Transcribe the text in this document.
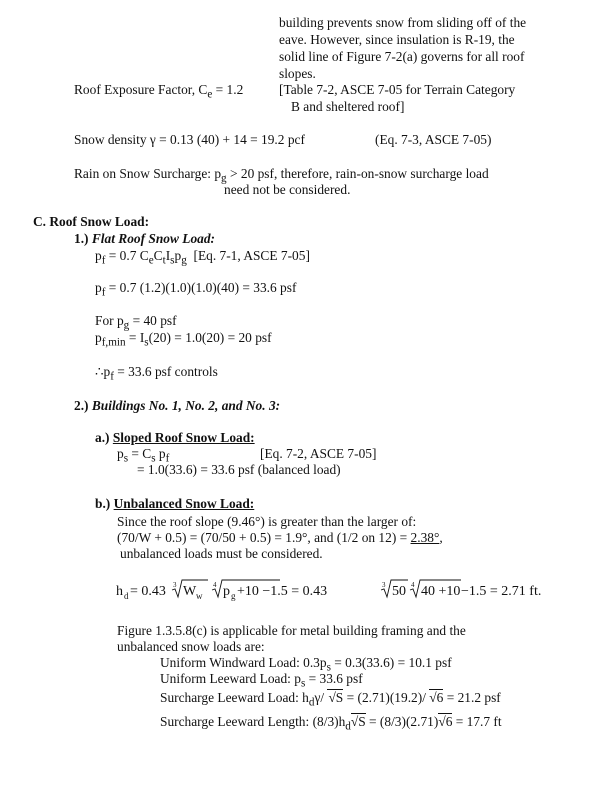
building prevents snow from sliding off of the
eave. However, since insulation is R-19, the
solid line of Figure 7-2(a) governs for all roof
slopes.
Roof Exposure Factor, $C_e = 1.2$	[Table 7-2, ASCE 7-05 for Terrain Category
B and sheltered roof]
Snow density γ = 0.13 (40) + 14 = 19.2 pcf	(Eq. 7-3, ASCE 7-05)
Rain on Snow Surcharge: $p_g > 20$ psf, therefore, rain-on-snow surcharge load
need not be considered.
C. Roof Snow Load:
1.) Flat Roof Snow Load:
$p_f = 0.7$ $C_eC_tI_sp_g$ [Eq. 7-1, ASCE 7-05]
$p_f = 0.7$ (1.2)(1.0)(1.0)(40) = 33.6 psf
For $p_g = 40$ psf
$p_{f,min} = I_s(20) = 1.0(20) = 20$ psf
$\therefore p_f = 33.6$ psf controls
2.) Buildings No. 1, No. 2, and No. 3:
a.) Sloped Roof Snow Load:
$p_s = C_s$ $p_f$	[Eq. 7-2, ASCE 7-05]
= 1.0(33.6) = 33.6 psf (balanced load)
b.) Unbalanced Snow Load:
Since the roof slope (9.46°) is greater than the larger of:
(70/W + 0.5) = (70/50 + 0.5) = 1.9°, and (1/2 on 12) = 2.38°,
unbalanced loads must be considered.
h d = 0.43 3 W w
4 p g +10 −1.5 = 0.43	3 50 4 40 +10 −1.5 = 2.71 ft.
Figure 1.3.5.8(c) is applicable for metal building framing and the
unbalanced snow loads are:
Uniform Windward Load: $0.3p_s = 0.3(33.6) = 10.1$ psf
Uniform Leeward Load: $p_s = 33.6$ psf
Surcharge Leeward Load: $h_d\gamma/$ √S = (2.71)(19.2)/ √6 = 21.2 psf
Surcharge Leeward Length: $(8/3)h_d√S = (8/3)(2.71)√6 = 17.7$ ft
